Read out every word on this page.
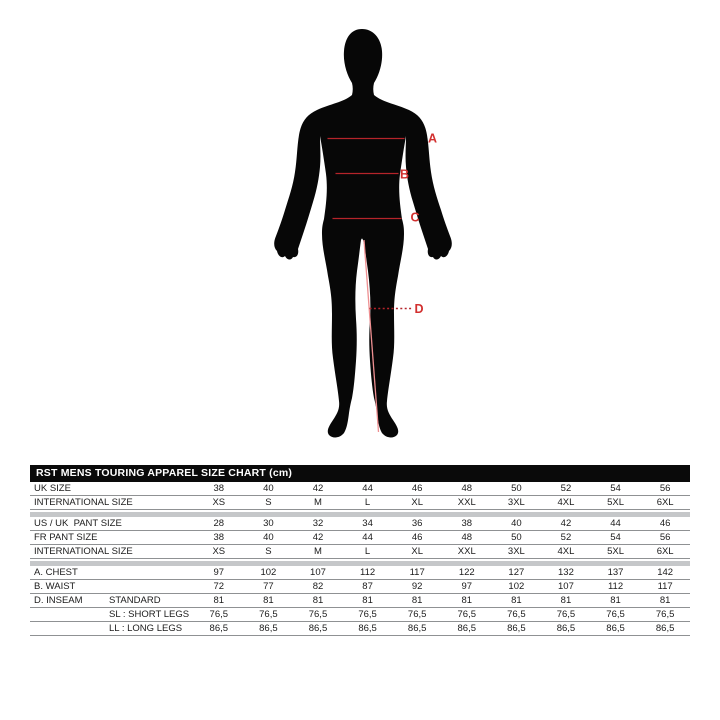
A
B
C
D
RST MENS TOURING APPAREL SIZE CHART (cm)
UK SIZE	38	40	42	44	46	48	50	52	54	56
INTERNATIONAL SIZE	XS	S	M	L	XL	XXL	3XL	4XL	5XL	6XL
US / UK  PANT SIZE	28	30	32	34	36	38	40	42	44	46
FR PANT SIZE	38	40	42	44	46	48	50	52	54	56
INTERNATIONAL SIZE	XS	S	M	L	XL	XXL	3XL	4XL	5XL	6XL
A. CHEST	97	102	107	112	117	122	127	132	137	142
B. WAIST	72	77	82	87	92	97	102	107	112	117
D. INSEAM	STANDARD	81	81	81	81	81	81	81	81	81	81
SL : SHORT LEGS	76,5	76,5	76,5	76,5	76,5	76,5	76,5	76,5	76,5	76,5
LL : LONG LEGS	86,5	86,5	86,5	86,5	86,5	86,5	86,5	86,5	86,5	86,5
